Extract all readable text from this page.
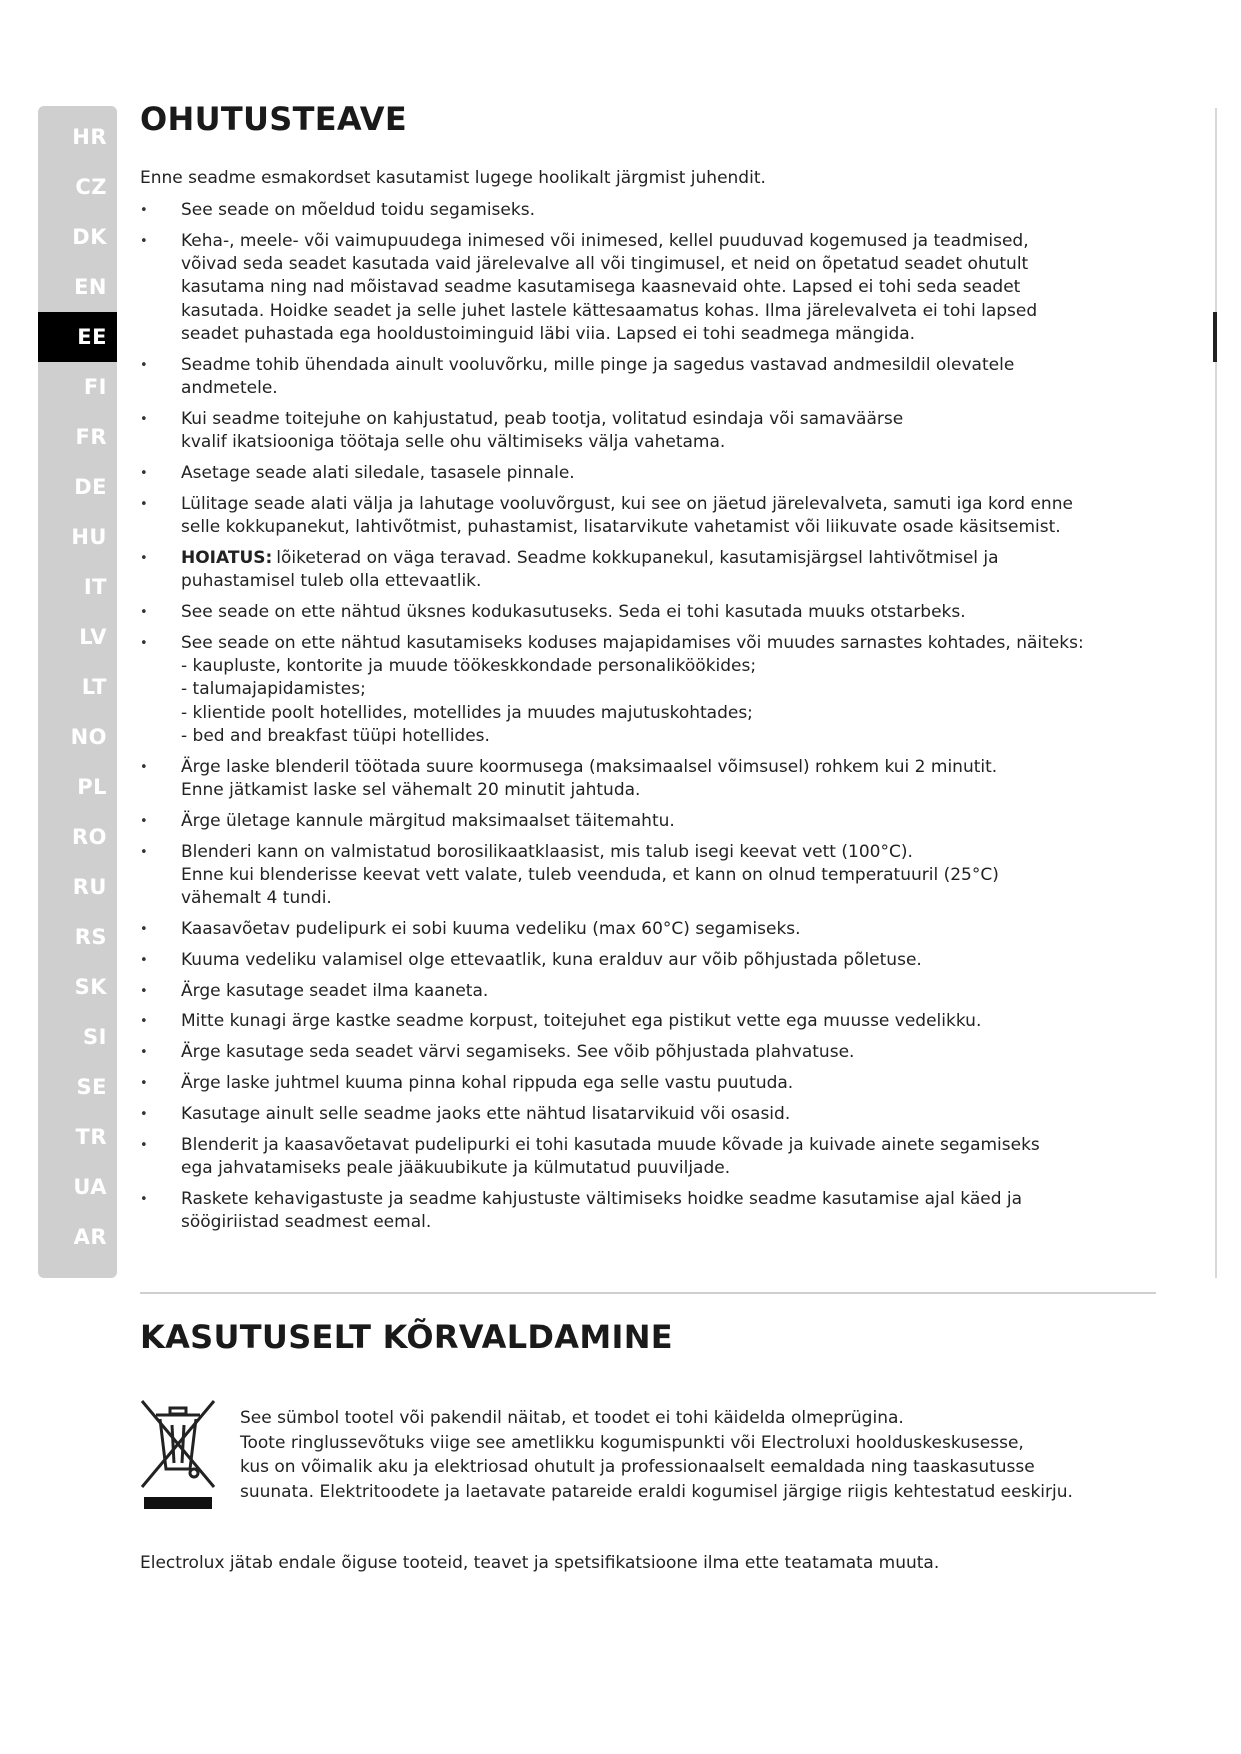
HR
CZ
DK
EN
EE
FI
FR
DE
HU
IT
LV
LT
NO
PL
RO
RU
RS
SK
SI
SE
TR
UA
AR
OHUTUSTEAVE

Enne seadme esmakordset kasutamist lugege hoolikalt järgmist juhendit.

• See seade on mõeldud toidu segamiseks.
• Keha-, meele- või vaimupuudega inimesed või inimesed, kellel puuduvad kogemused ja teadmised,
võivad seda seadet kasutada vaid järelevalve all või tingimusel, et neid on õpetatud seadet ohutult
kasutama ning nad mõistavad seadme kasutamisega kaasnevaid ohte. Lapsed ei tohi seda seadet
kasutada. Hoidke seadet ja selle juhet lastele kättesaamatus kohas. Ilma järelevalveta ei tohi lapsed
seadet puhastada ega hooldustoiminguid läbi viia. Lapsed ei tohi seadmega mängida.
• Seadme tohib ühendada ainult vooluvõrku, mille pinge ja sagedus vastavad andmesildil olevatele
andmetele.
• Kui seadme toitejuhe on kahjustatud, peab tootja, volitatud esindaja või samaväärse
kvalif ikatsiooniga töötaja selle ohu vältimiseks välja vahetama.
• Asetage seade alati siledale, tasasele pinnale.
• Lülitage seade alati välja ja lahutage vooluvõrgust, kui see on jäetud järelevalveta, samuti iga kord enne
selle kokkupanekut, lahtivõtmist, puhastamist, lisatarvikute vahetamist või liikuvate osade käsitsemist.
• HOIATUS: lõiketerad on väga teravad. Seadme kokkupanekul, kasutamisjärgsel lahtivõtmisel ja
puhastamisel tuleb olla ettevaatlik.
• See seade on ette nähtud üksnes kodukasutuseks. Seda ei tohi kasutada muuks otstarbeks.
• See seade on ette nähtud kasutamiseks koduses majapidamises või muudes sarnastes kohtades, näiteks:
- kaupluste, kontorite ja muude töökeskkondade personaliköökides;
- talumajapidamistes;
- klientide poolt hotellides, motellides ja muudes majutuskohtades;
- bed and breakfast tüüpi hotellides.
• Ärge laske blenderil töötada suure koormusega (maksimaalsel võimsusel) rohkem kui 2 minutit.
Enne jätkamist laske sel vähemalt 20 minutit jahtuda.
• Ärge ületage kannule märgitud maksimaalset täitemahtu.
• Blenderi kann on valmistatud borosilikaatklaasist, mis talub isegi keevat vett (100°C).
Enne kui blenderisse keevat vett valate, tuleb veenduda, et kann on olnud temperatuuril (25°C)
vähemalt 4 tundi.
• Kaasavõetav pudelipurk ei sobi kuuma vedeliku (max 60°C) segamiseks.
• Kuuma vedeliku valamisel olge ettevaatlik, kuna eralduv aur võib põhjustada põletuse.
• Ärge kasutage seadet ilma kaaneta.
• Mitte kunagi ärge kastke seadme korpust, toitejuhet ega pistikut vette ega muusse vedelikku.
• Ärge kasutage seda seadet värvi segamiseks. See võib põhjustada plahvatuse.
• Ärge laske juhtmel kuuma pinna kohal rippuda ega selle vastu puutuda.
• Kasutage ainult selle seadme jaoks ette nähtud lisatarvikuid või osasid.
• Blenderit ja kaasavõetavat pudelipurki ei tohi kasutada muude kõvade ja kuivade ainete segamiseks
ega jahvatamiseks peale jääkuubikute ja külmutatud puuviljade.
• Raskete kehavigastuste ja seadme kahjustuste vältimiseks hoidke seadme kasutamise ajal käed ja
söögiriistad seadmest eemal.
KASUTUSELT KÕRVALDAMINE
See sümbol tootel või pakendil näitab, et toodet ei tohi käidelda olmeprügina.
Toote ringlussevõtuks viige see ametlikku kogumispunkti või Electroluxi hoolduskeskusesse,
kus on võimalik aku ja elektriosad ohutult ja professionaalselt eemaldada ning taaskasutusse
suunata. Elektritoodete ja laetavate patareide eraldi kogumisel järgige riigis kehtestatud eeskirju.
Electrolux jätab endale õiguse tooteid, teavet ja spetsifikatsioone ilma ette teatamata muuta.
